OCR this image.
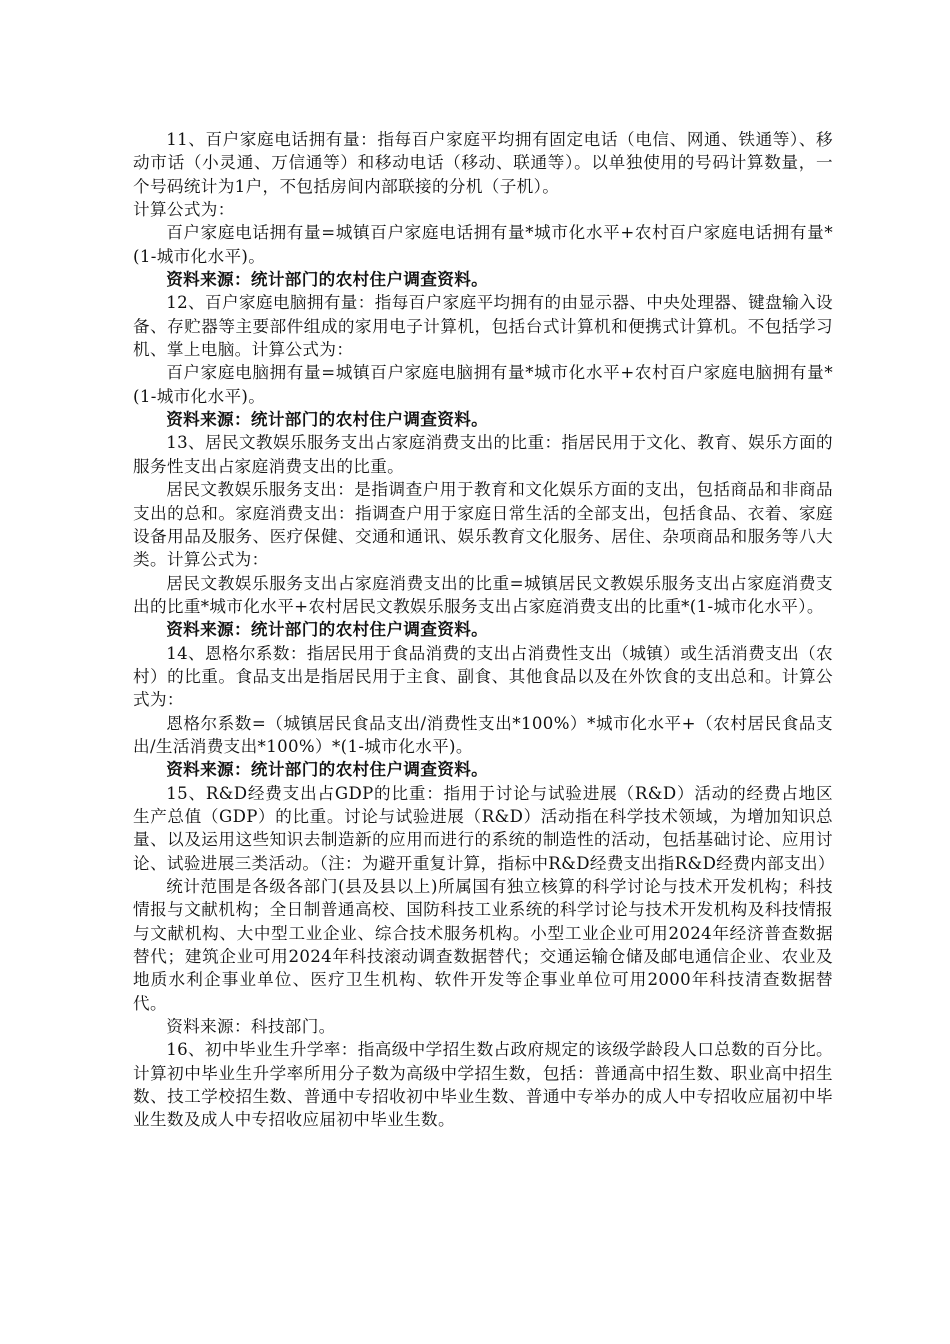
11、百户家庭电话拥有量：指每百户家庭平均拥有固定电话（电信、网通、铁通等）、移动市话（小灵通、万信通等）和移动电话（移动、联通等）。以单独使用的号码计算数量，一个号码统计为1户，不包括房间内部联接的分机（子机）。

计算公式为：

百户家庭电话拥有量=城镇百户家庭电话拥有量*城市化水平+农村百户家庭电话拥有量*(1-城市化水平)。

资料来源：统计部门的农村住户调查资料。

12、百户家庭电脑拥有量：指每百户家庭平均拥有的由显示器、中央处理器、键盘输入设备、存贮器等主要部件组成的家用电子计算机，包括台式计算机和便携式计算机。不包括学习机、掌上电脑。计算公式为：

百户家庭电脑拥有量=城镇百户家庭电脑拥有量*城市化水平+农村百户家庭电脑拥有量*(1-城市化水平)。

资料来源：统计部门的农村住户调查资料。

13、居民文教娱乐服务支出占家庭消费支出的比重：指居民用于文化、教育、娱乐方面的服务性支出占家庭消费支出的比重。

居民文教娱乐服务支出：是指调查户用于教育和文化娱乐方面的支出，包括商品和非商品支出的总和。家庭消费支出：指调查户用于家庭日常生活的全部支出，包括食品、衣着、家庭设备用品及服务、医疗保健、交通和通讯、娱乐教育文化服务、居住、杂项商品和服务等八大类。计算公式为：

居民文教娱乐服务支出占家庭消费支出的比重=城镇居民文教娱乐服务支出占家庭消费支出的比重*城市化水平+农村居民文教娱乐服务支出占家庭消费支出的比重*(1-城市化水平）。

资料来源：统计部门的农村住户调查资料。

14、恩格尔系数：指居民用于食品消费的支出占消费性支出（城镇）或生活消费支出（农村）的比重。食品支出是指居民用于主食、副食、其他食品以及在外饮食的支出总和。计算公式为：

恩格尔系数=（城镇居民食品支出/消费性支出*100%）*城市化水平+（农村居民食品支出/生活消费支出*100%）*(1-城市化水平)。

资料来源：统计部门的农村住户调查资料。

15、R&D经费支出占GDP的比重：指用于讨论与试验进展（R&D）活动的经费占地区生产总值（GDP）的比重。讨论与试验进展（R&D）活动指在科学技术领域，为增加知识总量、以及运用这些知识去制造新的应用而进行的系统的制造性的活动，包括基础讨论、应用讨论、试验进展三类活动。（注：为避开重复计算，指标中R&D经费支出指R&D经费内部支出）

统计范围是各级各部门(县及县以上)所属国有独立核算的科学讨论与技术开发机构；科技情报与文献机构；全日制普通高校、国防科技工业系统的科学讨论与技术开发机构及科技情报与文献机构、大中型工业企业、综合技术服务机构。小型工业企业可用2024年经济普查数据替代；建筑企业可用2024年科技滚动调查数据替代；交通运输仓储及邮电通信企业、农业及地质水利企事业单位、医疗卫生机构、软件开发等企事业单位可用2000年科技清查数据替代。

资料来源：科技部门。

16、初中毕业生升学率：指高级中学招生数占政府规定的该级学龄段人口总数的百分比。计算初中毕业生升学率所用分子数为高级中学招生数，包括：普通高中招生数、职业高中招生数、技工学校招生数、普通中专招收初中毕业生数、普通中专举办的成人中专招收应届初中毕业生数及成人中专招收应届初中毕业生数。
